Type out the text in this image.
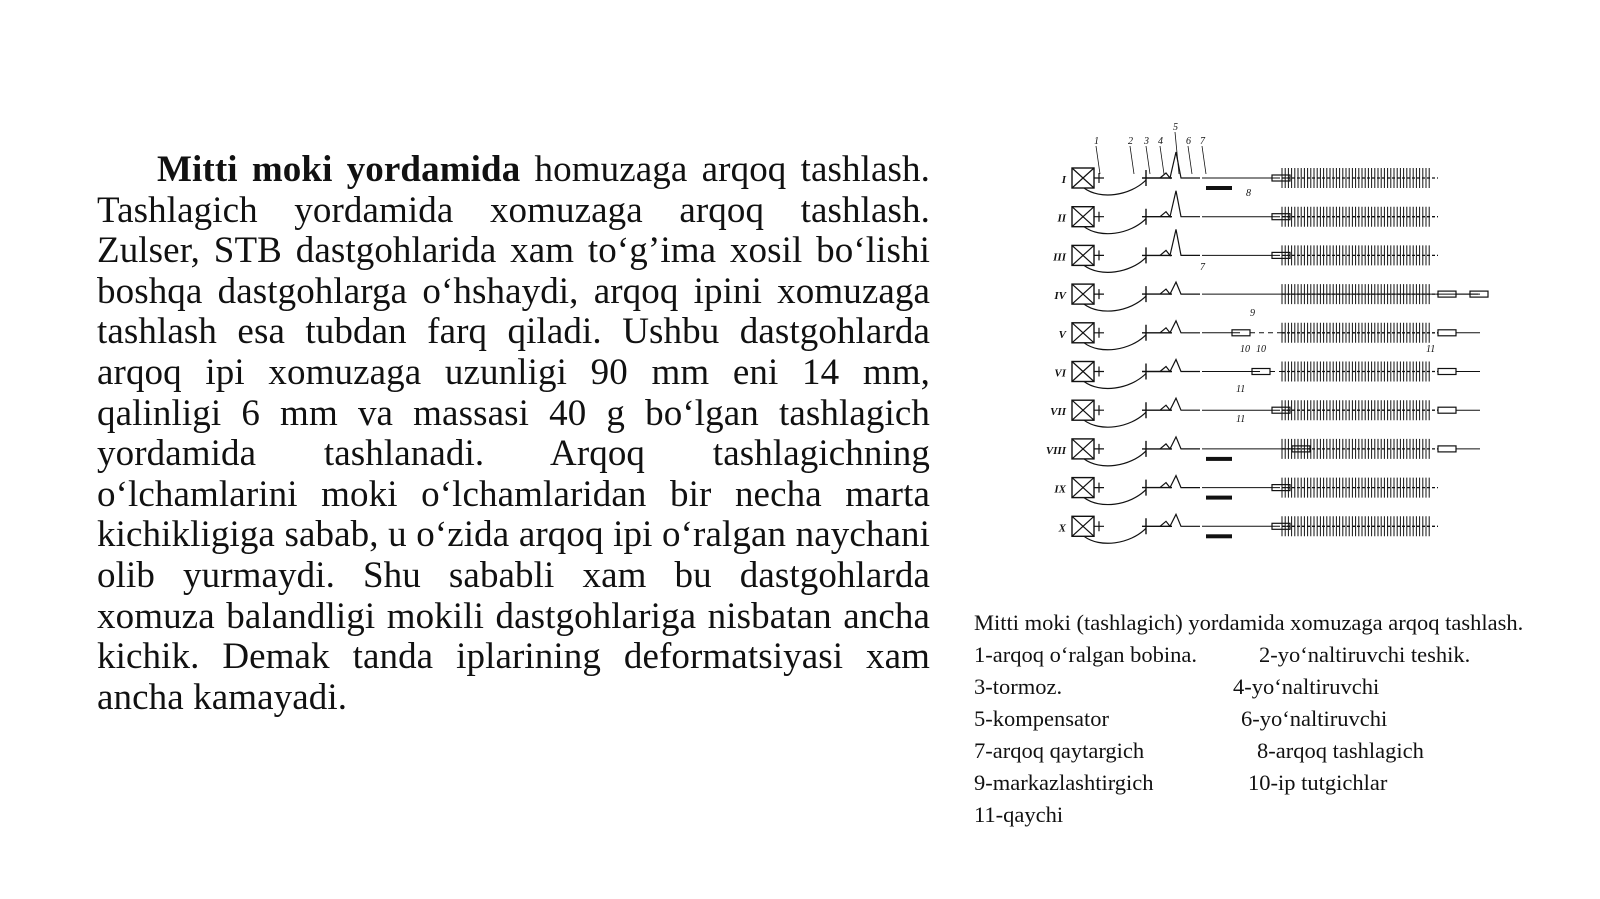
Mitti moki yordamida homuzaga arqoq tashlash. Tashlagich yordamida xomuzaga arqoq tashlash. Zulser, STB dastgohlarida xam to‘g’ima xosil bo‘lishi boshqa dastgohlarga o‘hshaydi, arqoq ipini xomuzaga tashlash esa tubdan farq qiladi. Ushbu dastgohlarda arqoq ipi xomuzaga uzunligi 90 mm eni 14 mm, qalinligi 6 mm va massasi 40 g bo‘lgan tashlagich yordamida tashlanadi. Arqoq tashlagichning o‘lchamlarini moki o‘lchamlaridan bir necha marta kichikligiga sabab, u o‘zida arqoq ipi o‘ralgan naychani olib yurmaydi. Shu sababli xam bu dastgohlarda xomuza balandligi mokili dastgohlariga nisbatan ancha kichik. Demak tanda iplarining deformatsiyasi xam ancha kamayadi.
I
II
III
IV
V
VI
VII
VIII
IX
X
1	2 3 4
5
6 7
8
7
9
10 10	11
11
11
Mitti moki (tashlagich) yordamida xomuzaga arqoq tashlash.
1-arqoq o‘ralgan bobina.	2-yo‘naltiruvchi teshik.
3-tormoz.	4-yo‘naltiruvchi
5-kompensator	6-yo‘naltiruvchi
7-arqoq qaytargich	8-arqoq tashlagich
9-markazlashtirgich	10-ip tutgichlar
11-qaychi
